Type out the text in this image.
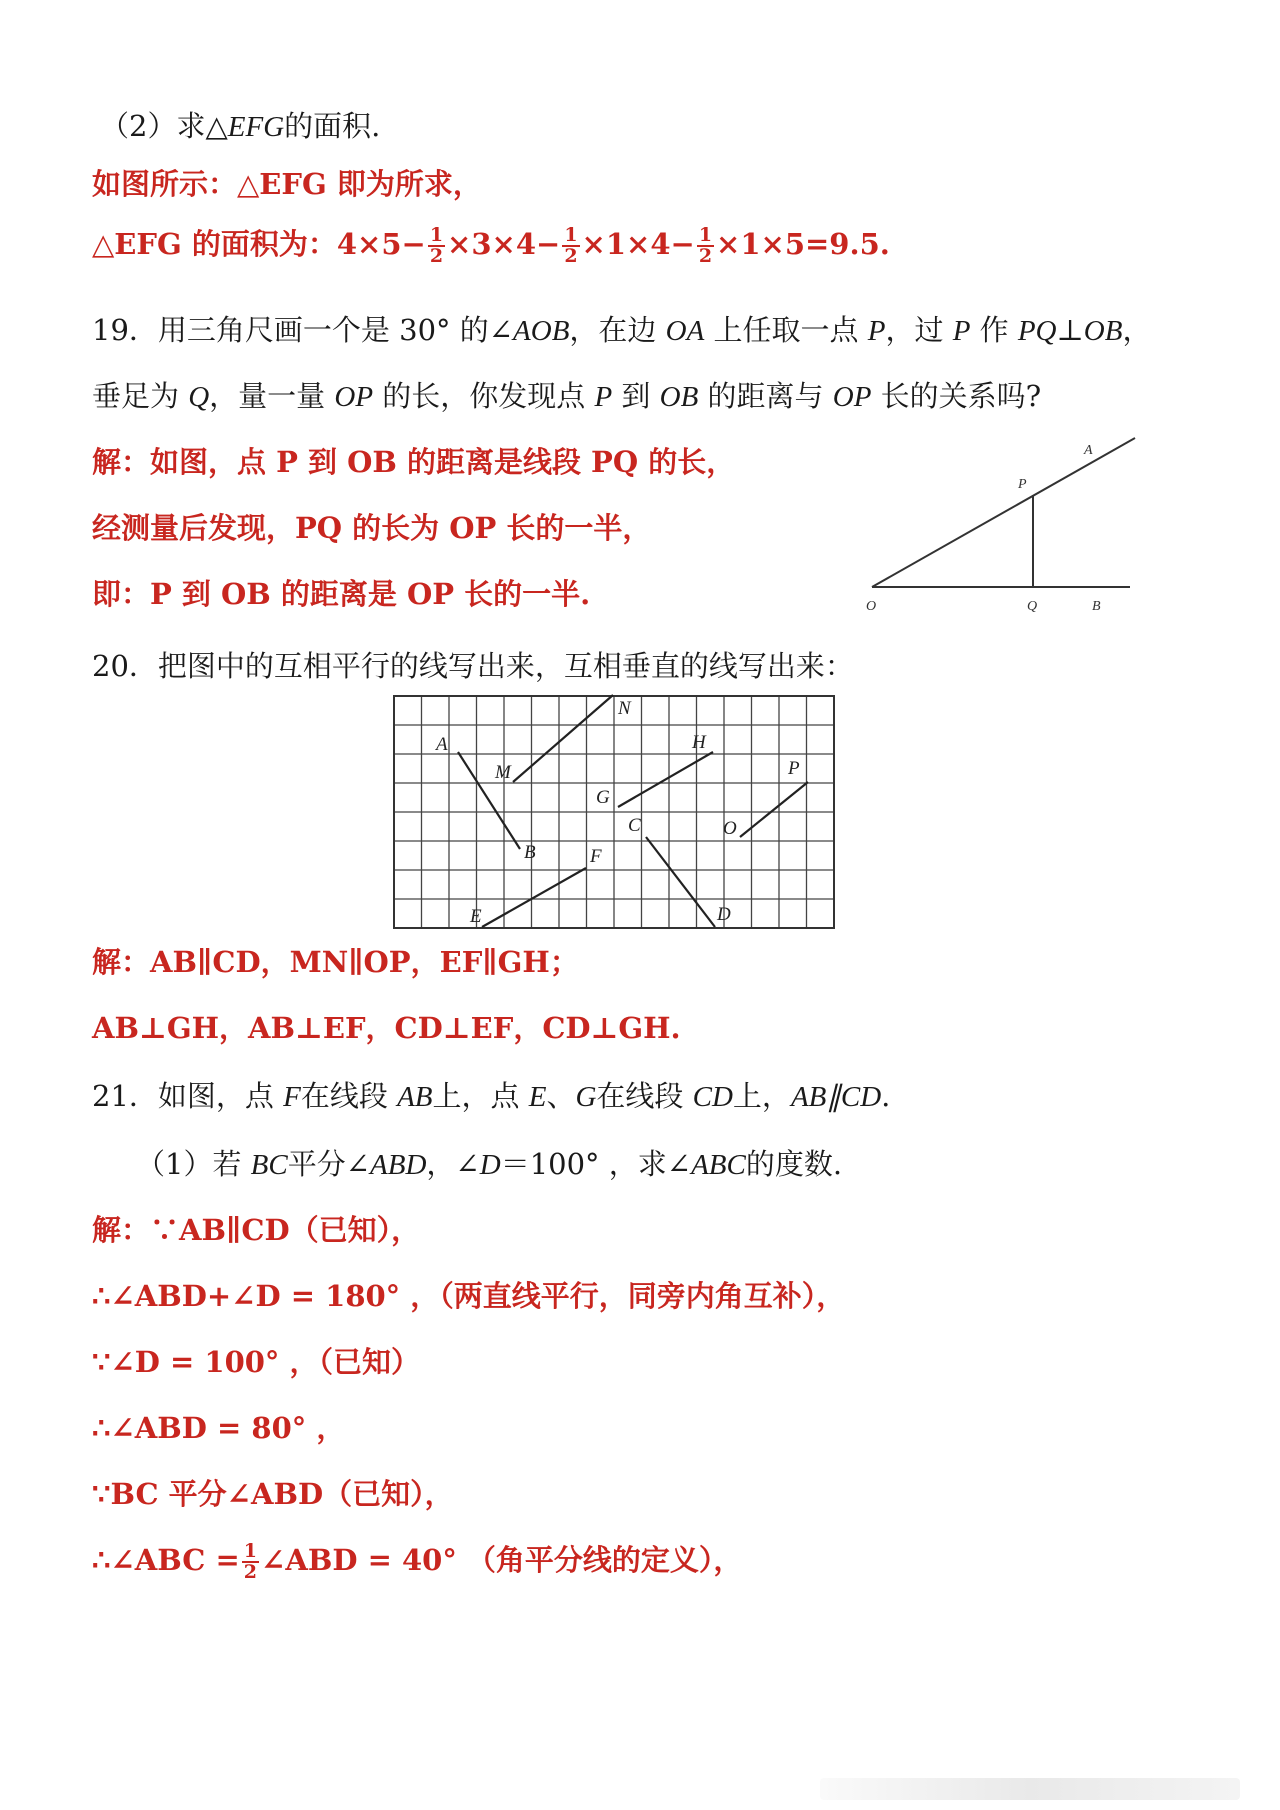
（2）求△EFG的面积.
如图所示：△EFG 即为所求，
△EFG 的面积为：$4\times 5- \frac{1}{2} \times 3\times 4- \frac{1}{2} \times 1\times 4- \frac{1}{2} \times 1\times 5=9.5$.
19．用三角尺画一个是 30° 的∠AOB，在边 OA 上任取一点 P，过 P 作 PQ⊥OB，
垂足为 Q，量一量 OP 的长，你发现点 P 到 OB 的距离与 OP 长的关系吗?
解：如图，点 P 到 OB 的距离是线段 PQ 的长，
经测量后发现，PQ 的长为 OP 长的一半，
即：P 到 OB 的距离是 OP 长的一半.
A
P
O	Q	B
20．把图中的互相平行的线写出来，互相垂直的线写出来：
A
M
N
H
G
P
C	O
B	F
E	D
解：AB∥CD，MN∥OP，EF∥GH；
AB⊥GH，AB⊥EF，CD⊥EF，CD⊥GH.
21．如图，点 F在线段 AB上，点 E、G在线段 CD上，AB∥CD.
（1）若 BC平分∠ABD，∠D＝100° ，求∠ABC的度数.
解：∵AB∥CD（已知），
∴∠ABD+∠D = 180° ，（两直线平行，同旁内角互补），
∵∠D = 100° ，（已知）
∴∠ABD = 80° ，
∵BC 平分∠ABD（已知），
∴∠ABC = $\frac{1}{2}$ ∠ABD = 40° （角平分线的定义），
